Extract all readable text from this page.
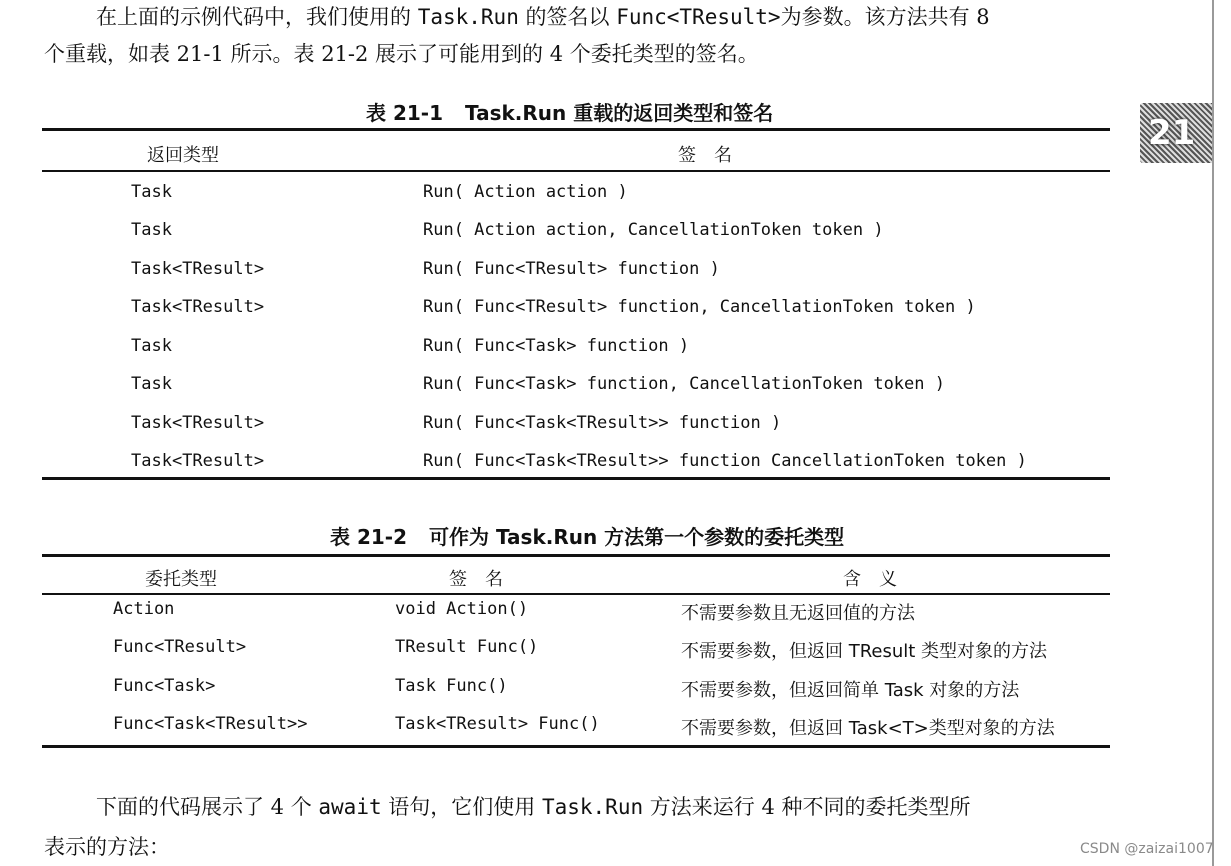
在上面的示例代码中，我们使用的 Task.Run 的签名以 Func<TResult>为参数。该方法共有 8
个重载，如表 21-1 所示。表 21-2 展示了可能用到的 4 个委托类型的签名。
21
表 21-1 Task.Run 重载的返回类型和签名
返回类型	签　名
Task	Run( Action action )
Task	Run( Action action, CancellationToken token )
Task<TResult>	Run( Func<TResult> function )
Task<TResult>	Run( Func<TResult> function, CancellationToken token )
Task	Run( Func<Task> function )
Task	Run( Func<Task> function, CancellationToken token )
Task<TResult>	Run( Func<Task<TResult>> function )
Task<TResult>	Run( Func<Task<TResult>> function CancellationToken token )
表 21-2 可作为 Task.Run 方法第一个参数的委托类型
委托类型	签　名	含　义
Action	void Action()	不需要参数且无返回值的方法
Func<TResult>	TResult Func()	不需要参数，但返回 TResult 类型对象的方法
Func<Task>	Task Func()	不需要参数，但返回简单 Task 对象的方法
Func<Task<TResult>>	Task<TResult> Func()	不需要参数，但返回 Task<T>类型对象的方法
下面的代码展示了 4 个 await 语句，它们使用 Task.Run 方法来运行 4 种不同的委托类型所
表示的方法：	CSDN @zaizai1007
